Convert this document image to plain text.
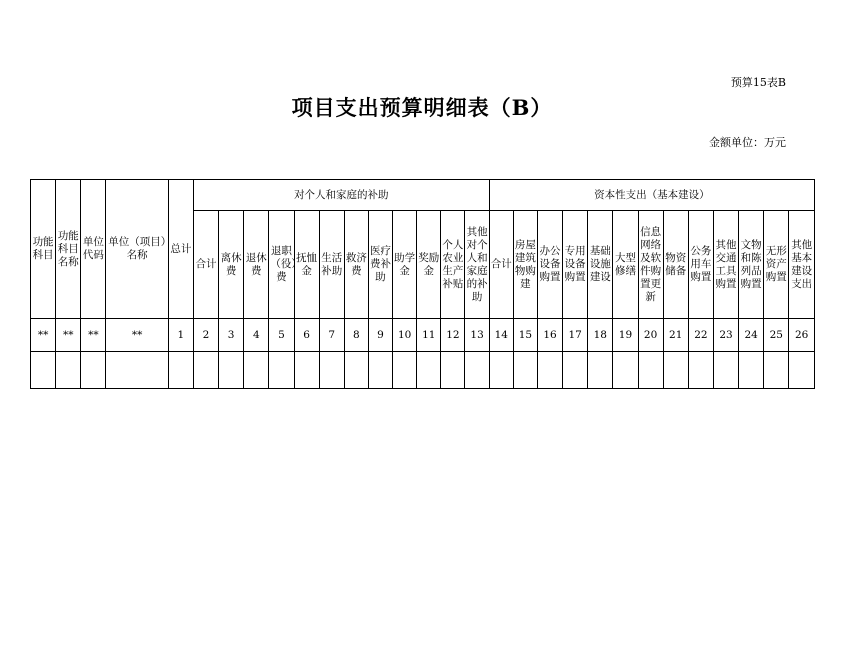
预算15表B
项目支出预算明细表（B）
金额单位：万元
功能科目	功能科目名称	单位代码	单位（项目）名称	总计	对个人和家庭的补助												资本性支出（基本建设）												
					合计	离休费	退休费	退职（役）费	抚恤金	生活补助	救济费	医疗费补助	助学金	奖励金	个人农业生产补贴	其他对个人和家庭的补助	合计	房屋建筑物购建	办公设备购置	专用设备购置	基础设施建设	大型修缮	信息网络及软件购置更新	物资储备	公务用车购置	其他交通工具购置	文物和陈列品购置	无形资产购置	其他基本建设支出
**	**	**	**	1	2	3	4	5	6	7	8	9	10	11	12	13	14	15	16	17	18	19	20	21	22	23	24	25	26
